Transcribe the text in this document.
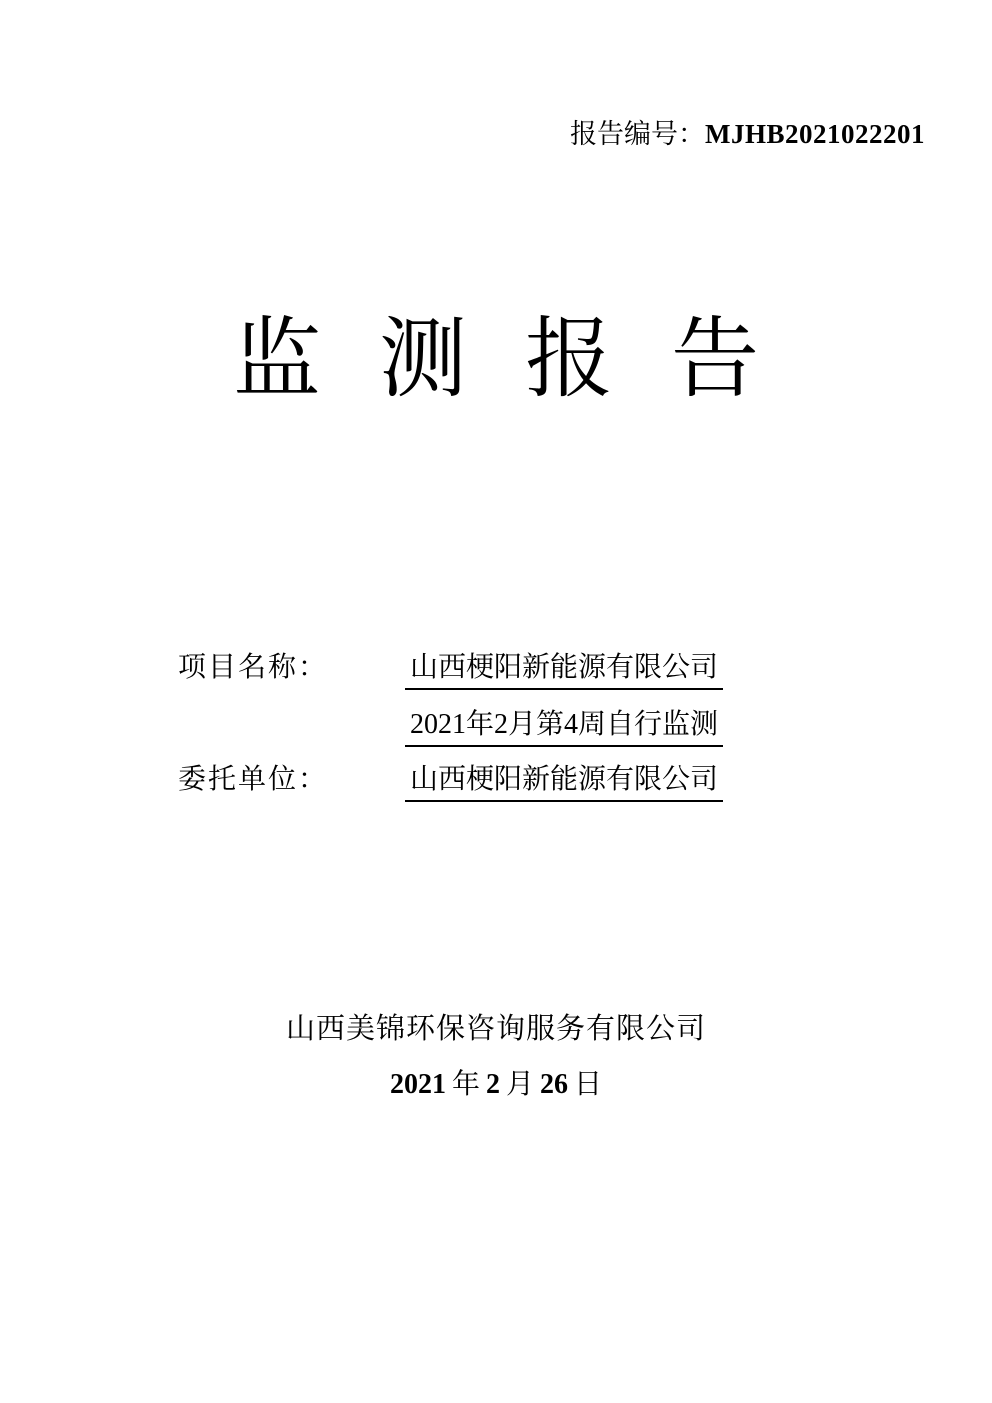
报告编号：MJHB2021022201
监测报告
项目名称：	山西梗阳新能源有限公司
2021年2月第4周自行监测
委托单位：	山西梗阳新能源有限公司
山西美锦环保咨询服务有限公司
2021 年 2 月 26 日
